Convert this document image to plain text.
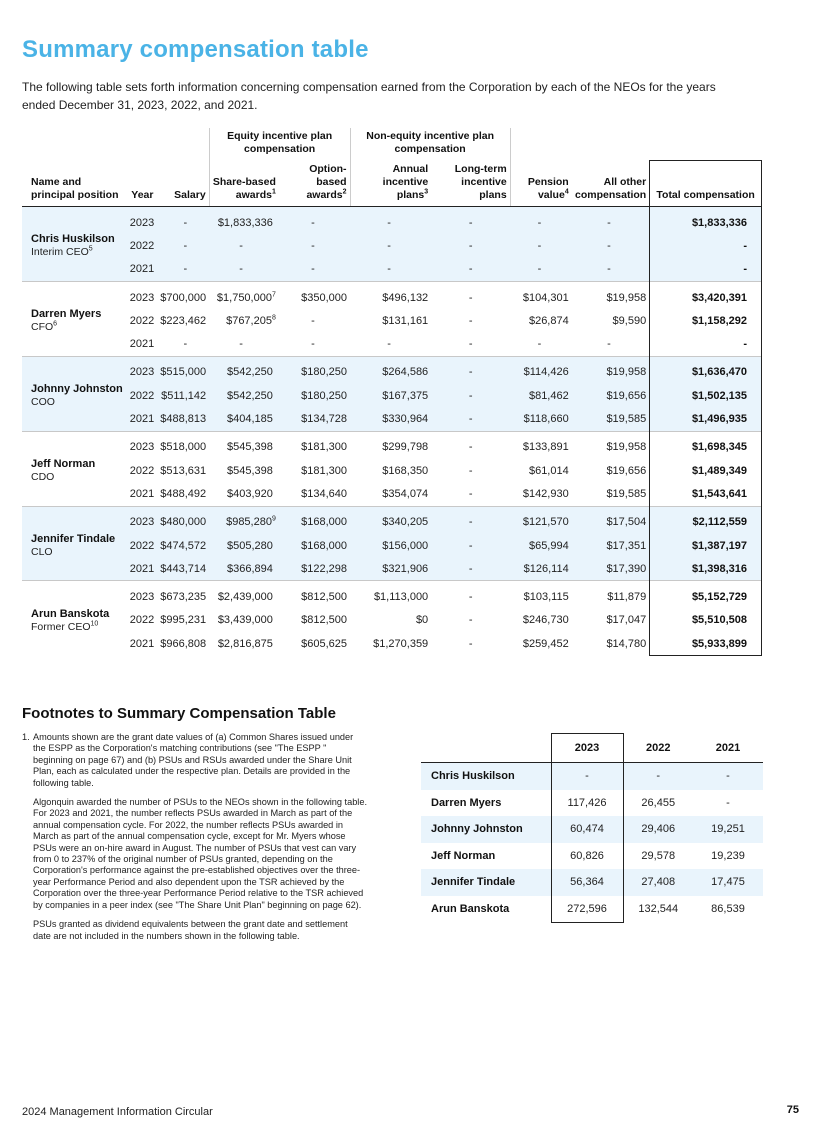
Summary compensation table
The following table sets forth information concerning compensation earned from the Corporation by each of the NEOs for the years ended December 31, 2023, 2022, and 2021.
			Equity incentive plan compensation		Non-equity incentive plan compensation				
Name and principal position	Year	Salary	Share-based awards$^1$	Option-based awards$^2$	Annual incentive plans$^3$	Long-term incentive plans	Pension value$^4$	All other compensation	Total compensation

Chris Huskilson
Interim CEO$^5$	2023	-	$1,833,336	-	-	-	-	-	$1,833,336
	2022	-	-	-	-	-	-	-	-
	2021	-	-	-	-	-	-	-	-

Darren Myers
CFO$^6$	2023	$700,000	$1,750,000$^7$	$350,000	$496,132	-	$104,301	$19,958	$3,420,391
	2022	$223,462	$767,205$^8$	-	$131,161	-	$26,874	$9,590	$1,158,292
	2021	-	-	-	-	-	-	-	-

Johnny Johnston
COO	2023	$515,000	$542,250	$180,250	$264,586	-	$114,426	$19,958	$1,636,470
	2022	$511,142	$542,250	$180,250	$167,375	-	$81,462	$19,656	$1,502,135
	2021	$488,813	$404,185	$134,728	$330,964	-	$118,660	$19,585	$1,496,935

Jeff Norman
CDO	2023	$518,000	$545,398	$181,300	$299,798	-	$133,891	$19,958	$1,698,345
	2022	$513,631	$545,398	$181,300	$168,350	-	$61,014	$19,656	$1,489,349
	2021	$488,492	$403,920	$134,640	$354,074	-	$142,930	$19,585	$1,543,641

Jennifer Tindale
CLO	2023	$480,000	$985,280$^9$	$168,000	$340,205	-	$121,570	$17,504	$2,112,559
	2022	$474,572	$505,280	$168,000	$156,000	-	$65,994	$17,351	$1,387,197
	2021	$443,714	$366,894	$122,298	$321,906	-	$126,114	$17,390	$1,398,316

Arun Banskota
Former CEO$^{10}$	2023	$673,235	$2,439,000	$812,500	$1,113,000	-	$103,115	$11,879	$5,152,729
	2022	$995,231	$3,439,000	$812,500	$0	-	$246,730	$17,047	$5,510,508
	2021	$966,808	$2,816,875	$605,625	$1,270,359	-	$259,452	$14,780	$5,933,899
Footnotes to Summary Compensation Table
1. Amounts shown are the grant date values of (a) Common Shares issued under the ESPP as the Corporation's matching contributions (see "The ESPP " beginning on page 67) and (b) PSUs and RSUs awarded under the Share Unit Plan, each as calculated under the respective plan. Details are provided in the following table.

Algonquin awarded the number of PSUs to the NEOs shown in the following table. For 2023 and 2021, the number reflects PSUs awarded in March as part of the annual compensation cycle. For 2022, the number reflects PSUs awarded in March as part of the annual compensation cycle, except for Mr. Myers whose PSUs were an on-hire award in August. The number of PSUs that vest can vary from 0 to 237% of the original number of PSUs granted, depending on the Corporation's performance against the pre-established objectives over the three-year Performance Period and also dependent upon the TSR achieved by the Corporation over the three-year Performance Period relative to the TSR achieved by companies in a peer index (see "The Share Unit Plan" beginning on page 62).

PSUs granted as dividend equivalents between the grant date and settlement date are not included in the numbers shown in the following table.

	2023	2022	2021
Chris Huskilson	-	-	-
Darren Myers	117,426	26,455	-
Johnny Johnston	60,474	29,406	19,251
Jeff Norman	60,826	29,578	19,239
Jennifer Tindale	56,364	27,408	17,475
Arun Banskota	272,596	132,544	86,539
2024 Management Information Circular	75
